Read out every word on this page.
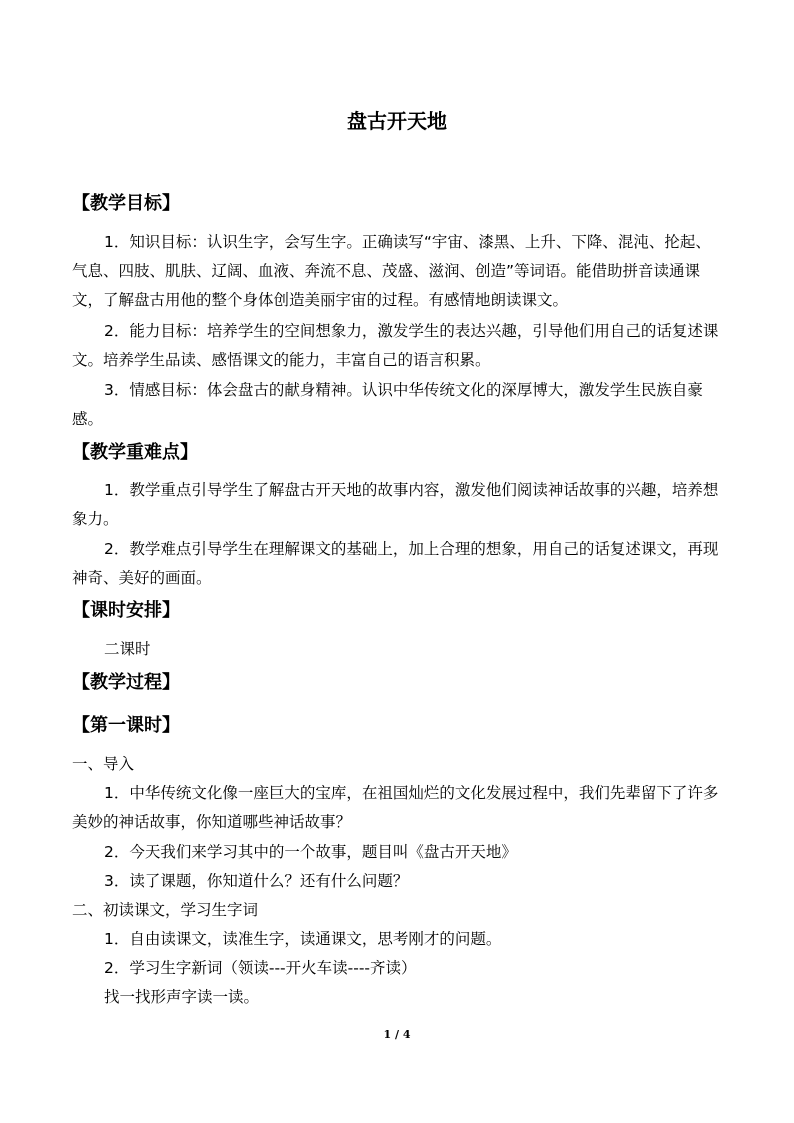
盘古开天地
【教学目标】

1．知识目标：认识生字，会写生字。正确读写“宇宙、漆黑、上升、下降、混沌、抡起、气息、四肢、肌肤、辽阔、血液、奔流不息、茂盛、滋润、创造”等词语。能借助拼音读通课文，了解盘古用他的整个身体创造美丽宇宙的过程。有感情地朗读课文。

2．能力目标：培养学生的空间想象力，激发学生的表达兴趣，引导他们用自己的话复述课文。培养学生品读、感悟课文的能力，丰富自己的语言积累。

3．情感目标：体会盘古的献身精神。认识中华传统文化的深厚博大，激发学生民族自豪感。

【教学重难点】

1．教学重点引导学生了解盘古开天地的故事内容，激发他们阅读神话故事的兴趣，培养想象力。

2．教学难点引导学生在理解课文的基础上，加上合理的想象，用自己的话复述课文，再现神奇、美好的画面。

【课时安排】

二课时

【教学过程】
【第一课时】

一、导入

1．中华传统文化像一座巨大的宝库，在祖国灿烂的文化发展过程中，我们先辈留下了许多美妙的神话故事，你知道哪些神话故事？

2．今天我们来学习其中的一个故事，题目叫《盘古开天地》

3．读了课题，你知道什么？还有什么问题？

二、初读课文，学习生字词

1．自由读课文，读准生字，读通课文，思考刚才的问题。

2．学习生字新词（领读---开火车读----齐读）

找一找形声字读一读。

1 / 4
